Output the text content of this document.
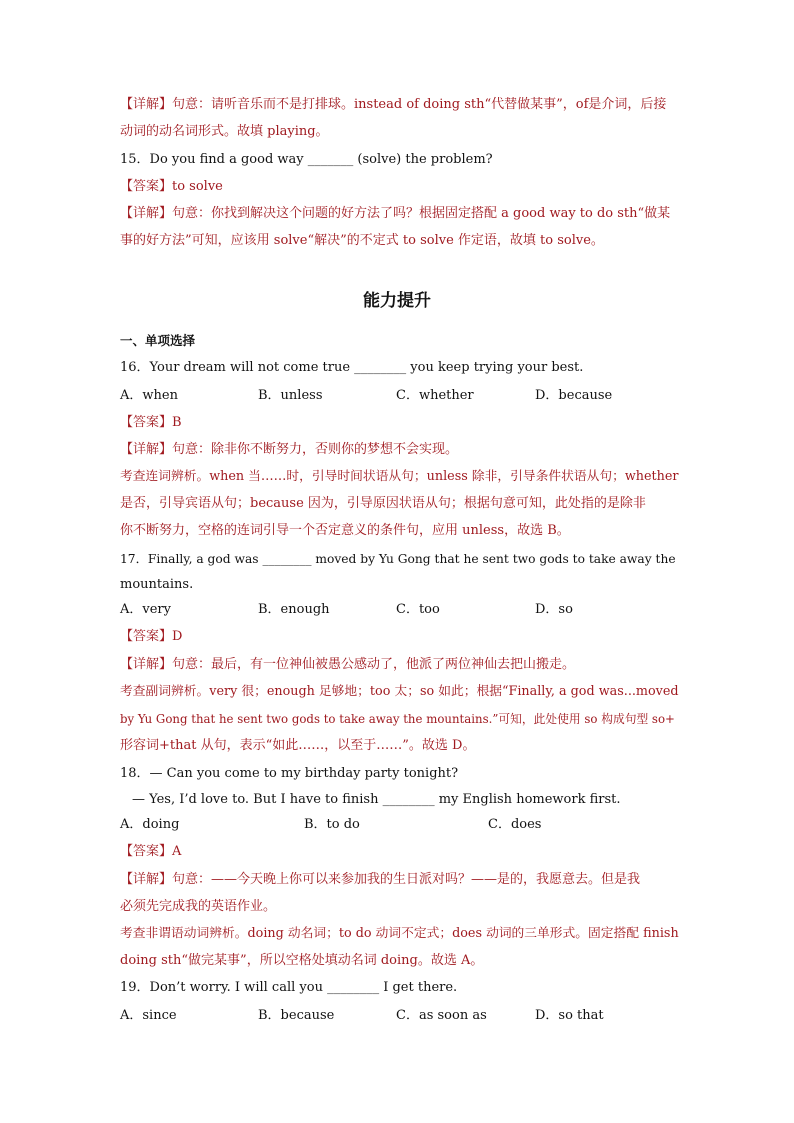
【详解】句意：请听音乐而不是打排球。instead of doing sth“代替做某事”，of是介词，后接
动词的动名词形式。故填 playing。
15．Do you find a good way _______ (solve) the problem?
【答案】to solve
【详解】句意：你找到解决这个问题的好方法了吗？根据固定搭配 a good way to do sth“做某
事的好方法”可知，应该用 solve“解决”的不定式 to solve 作定语，故填 to solve。
能力提升
一、单项选择
16．Your dream will not come true ________ you keep trying your best.
A．when	B．unless	C．whether	D．because
【答案】B
【详解】句意：除非你不断努力，否则你的梦想不会实现。
考查连词辨析。when 当……时，引导时间状语从句；unless 除非，引导条件状语从句；whether
是否，引导宾语从句；because 因为，引导原因状语从句；根据句意可知，此处指的是除非
你不断努力，空格的连词引导一个否定意义的条件句，应用 unless，故选 B。
17．Finally, a god was ________ moved by Yu Gong that he sent two gods to take away the
mountains.
A．very	B．enough	C．too	D．so
【答案】D
【详解】句意：最后，有一位神仙被愚公感动了，他派了两位神仙去把山搬走。
考查副词辨析。very 很；enough 足够地；too 太；so 如此；根据“Finally, a god was...moved
by Yu Gong that he sent two gods to take away the mountains.”可知，此处使用 so 构成句型 so+
形容词+that 从句，表示“如此……，以至于……”。故选 D。
18．— Can you come to my birthday party tonight?
— Yes, I’d love to. But I have to finish ________ my English homework first.
A．doing	B．to do	C．does
【答案】A
【详解】句意：——今天晚上你可以来参加我的生日派对吗？——是的，我愿意去。但是我
必须先完成我的英语作业。
考查非谓语动词辨析。doing 动名词；to do 动词不定式；does 动词的三单形式。固定搭配 finish
doing sth“做完某事”，所以空格处填动名词 doing。故选 A。
19．Don’t worry. I will call you ________ I get there.
A．since	B．because	C．as soon as	D．so that
